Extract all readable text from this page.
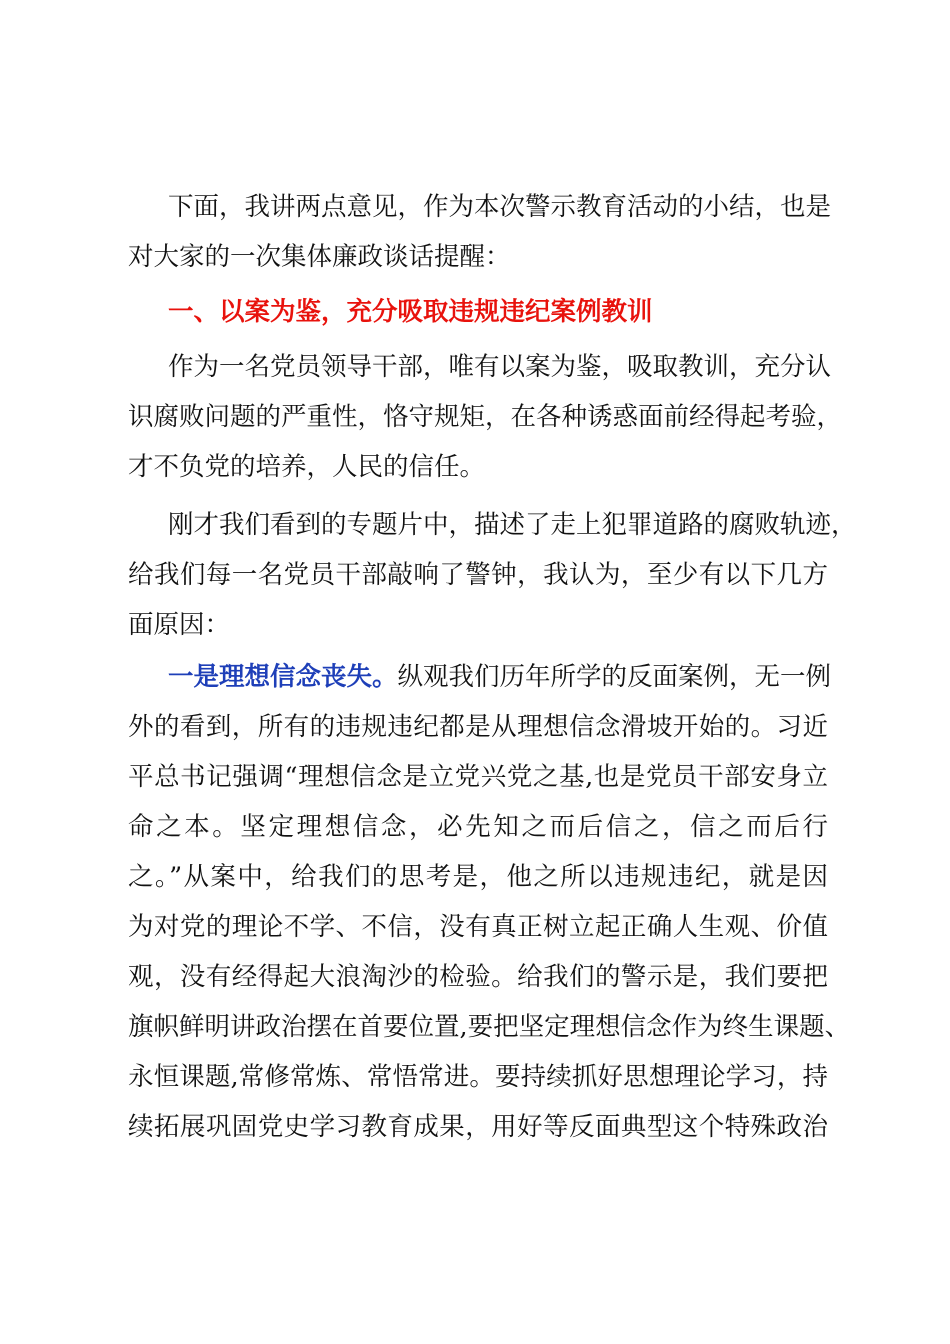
下面，我讲两点意见，作为本次警示教育活动的小结，也是
对大家的一次集体廉政谈话提醒：
一、以案为鉴，充分吸取违规违纪案例教训
作为一名党员领导干部，唯有以案为鉴，吸取教训，充分认
识腐败问题的严重性，恪守规矩，在各种诱惑面前经得起考验，
才不负党的培养，人民的信任。
刚才我们看到的专题片中，描述了走上犯罪道路的腐败轨迹，
给我们每一名党员干部敲响了警钟，我认为，至少有以下几方
面原因：
一是理想信念丧失。纵观我们历年所学的反面案例，无一例
外的看到，所有的违规违纪都是从理想信念滑坡开始的。习近
平总书记强调“理想信念是立党兴党之基,也是党员干部安身立
命之本。坚定理想信念，必先知之而后信之，信之而后行
之。”从案中，给我们的思考是，他之所以违规违纪，就是因
为对党的理论不学、不信，没有真正树立起正确人生观、价值
观，没有经得起大浪淘沙的检验。给我们的警示是，我们要把
旗帜鲜明讲政治摆在首要位置,要把坚定理想信念作为终生课题、
永恒课题,常修常炼、常悟常进。要持续抓好思想理论学习，持
续拓展巩固党史学习教育成果，用好等反面典型这个特殊政治
